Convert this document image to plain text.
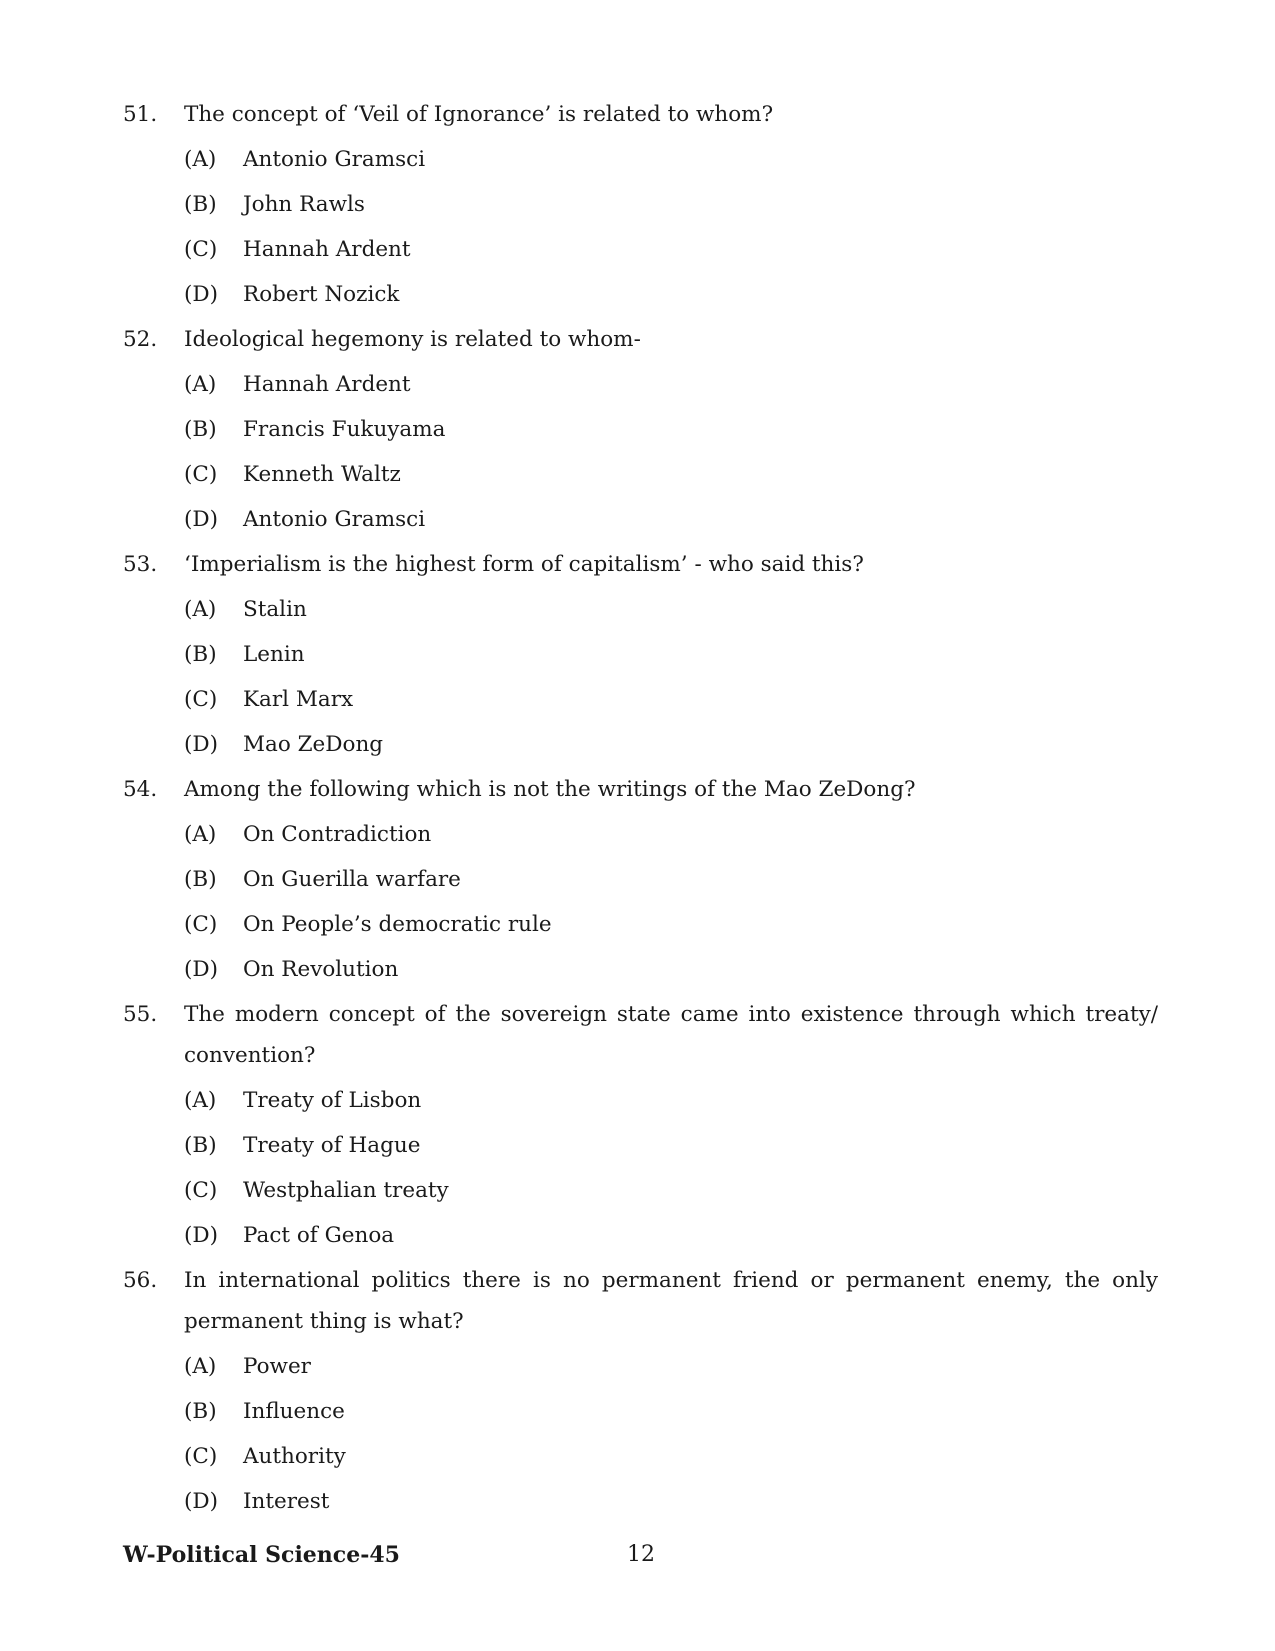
51.	The concept of ‘Veil of Ignorance’ is related to whom?
(A)	Antonio Gramsci
(B)	John Rawls
(C)	Hannah Ardent
(D)	Robert Nozick
52.	Ideological hegemony is related to whom-
(A)	Hannah Ardent
(B)	Francis Fukuyama
(C)	Kenneth Waltz
(D)	Antonio Gramsci
53.	‘Imperialism is the highest form of capitalism’ - who said this?
(A)	Stalin
(B)	Lenin
(C)	Karl Marx
(D)	Mao ZeDong
54.	Among the following which is not the writings of the Mao ZeDong?
(A)	On Contradiction
(B)	On Guerilla warfare
(C)	On People’s democratic rule
(D)	On Revolution
55.	The modern concept of the sovereign state came into existence through which treaty/ convention?
(A)	Treaty of Lisbon
(B)	Treaty of Hague
(C)	Westphalian treaty
(D)	Pact of Genoa
56.	In international politics there is no permanent friend or permanent enemy, the only permanent thing is what?
(A)	Power
(B)	Influence
(C)	Authority
(D)	Interest
W-Political Science-45	12
